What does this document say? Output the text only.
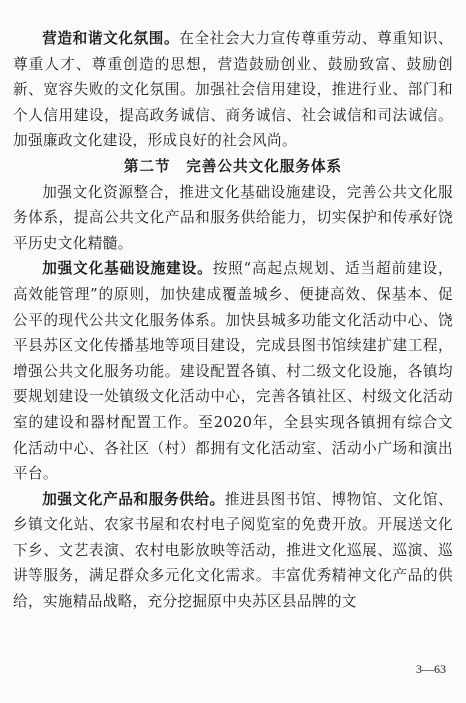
营造和谐文化氛围。在全社会大力宣传尊重劳动、尊重知识、尊重人才、尊重创造的思想，营造鼓励创业、鼓励致富、鼓励创新、宽容失败的文化氛围。加强社会信用建设，推进行业、部门和个人信用建设，提高政务诚信、商务诚信、社会诚信和司法诚信。加强廉政文化建设，形成良好的社会风尚。

第二节　完善公共文化服务体系

加强文化资源整合，推进文化基础设施建设，完善公共文化服务体系，提高公共文化产品和服务供给能力，切实保护和传承好饶平历史文化精髓。

加强文化基础设施建设。按照“高起点规划、适当超前建设，高效能管理”的原则，加快建成覆盖城乡、便捷高效、保基本、促公平的现代公共文化服务体系。加快县城多功能文化活动中心、饶平县苏区文化传播基地等项目建设，完成县图书馆续建扩建工程，增强公共文化服务功能。建设配置各镇、村二级文化设施，各镇均要规划建设一处镇级文化活动中心，完善各镇社区、村级文化活动室的建设和器材配置工作。至2020年，全县实现各镇拥有综合文化活动中心、各社区（村）都拥有文化活动室、活动小广场和演出平台。

加强文化产品和服务供给。推进县图书馆、博物馆、文化馆、乡镇文化站、农家书屋和农村电子阅览室的免费开放。开展送文化下乡、文艺表演、农村电影放映等活动，推进文化巡展、巡演、巡讲等服务，满足群众多元化文化需求。丰富优秀精神文化产品的供给，实施精品战略，充分挖掘原中央苏区县品牌的文

3—63
